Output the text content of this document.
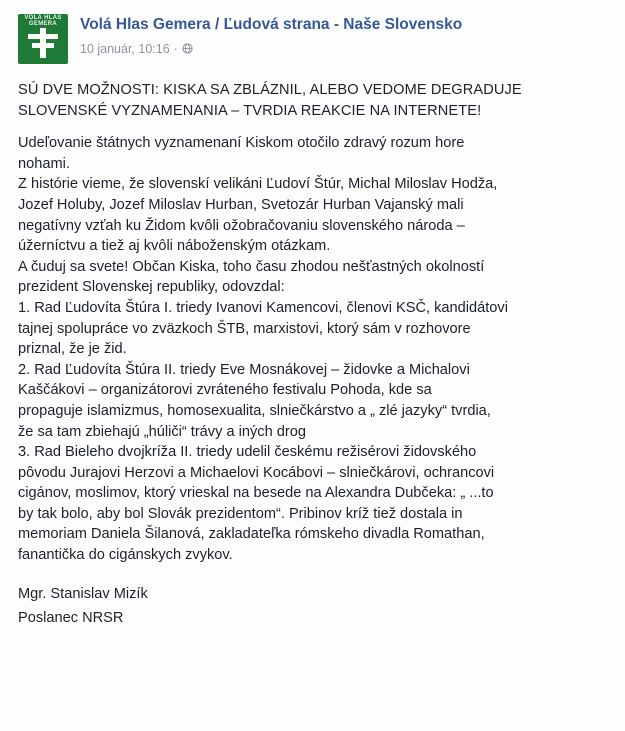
VOLÁ HLAS GEMERA	Volá Hlas Gemera / Ľudová strana - Naše Slovensko
10 január, 10:16 ·

SÚ DVE MOŽNOSTI: KISKA SA ZBLÁZNIL, ALEBO VEDOME DEGRADUJE

SLOVENSKÉ VYZNAMENANIA – TVRDIA REAKCIE NA INTERNETE!

Udeľovanie štátnych vyznamenaní Kiskom otočilo zdravý rozum hore

nohami.

Z histórie vieme, že slovenskí velikáni Ľudoví Štúr, Michal Miloslav Hodža,

Jozef Holuby, Jozef Miloslav Hurban, Svetozár Hurban Vajanský mali

negatívny vzťah ku Židom kvôli ožobračovaniu slovenského národa –

úžerníctvu a tiež aj kvôli náboženským otázkam.

A čuduj sa svete! Občan Kiska, toho času zhodou nešťastných okolností

prezident Slovenskej republiky, odovzdal:

1. Rad Ľudovíta Štúra I. triedy Ivanovi Kamencovi, členovi KSČ, kandidátovi

tajnej spolupráce vo zväzkoch ŠTB, marxistovi, ktorý sám v rozhovore

priznal, že je žid.

2. Rad Ľudovíta Štúra II. triedy Eve Mosnákovej – židovke a Michalovi

Kaščákovi – organizátorovi zvráteného festivalu Pohoda, kde sa

propaguje islamizmus, homosexualita, slniečkárstvo a „ zlé jazyky“ tvrdia,

že sa tam zbiehajú „húliči“ trávy a iných drog

3. Rad Bieleho dvojkríža II. triedy udelil českému režisérovi židovského

pôvodu Jurajovi Herzovi a Michaelovi Kocábovi – slniečkárovi, ochrancovi

cigánov, moslimov, ktorý vrieskal na besede na Alexandra Dubčeka: „ ...to

by tak bolo, aby bol Slovák prezidentom“. Pribinov kríž tiež dostala in

memoriam Daniela Šilanová, zakladateľka rómskeho divadla Romathan,

fanantička do cigánskych zvykov.

Mgr. Stanislav Mizík

Poslanec NRSR
